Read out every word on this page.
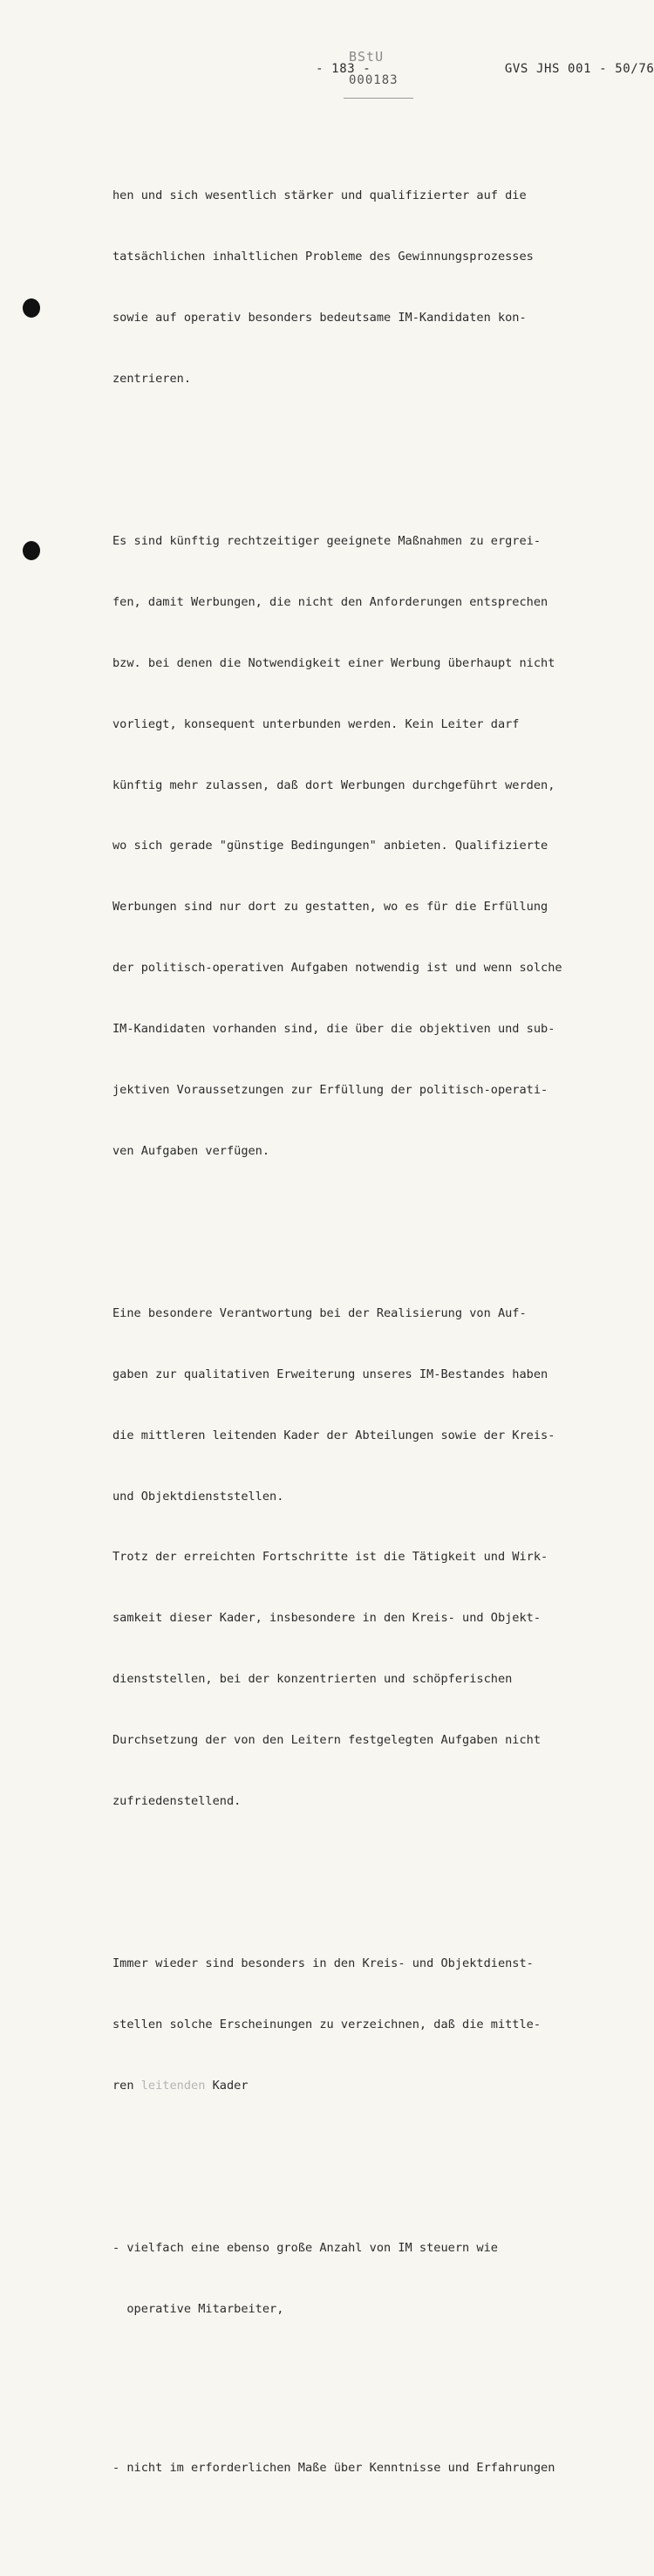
- 183 -	GVS JHS 001 - 50/76

BStU
000183

hen und sich wesentlich stärker und qualifizierter auf die

tatsächlichen inhaltlichen Probleme des Gewinnungsprozesses

sowie auf operativ besonders bedeutsame IM-Kandidaten kon-

zentrieren.

Es sind künftig rechtzeitiger geeignete Maßnahmen zu ergrei-

fen, damit Werbungen, die nicht den Anforderungen entsprechen

bzw. bei denen die Notwendigkeit einer Werbung überhaupt nicht

vorliegt, konsequent unterbunden werden. Kein Leiter darf

künftig mehr zulassen, daß dort Werbungen durchgeführt werden,

wo sich gerade "günstige Bedingungen" anbieten. Qualifizierte

Werbungen sind nur dort zu gestatten, wo es für die Erfüllung

der politisch-operativen Aufgaben notwendig ist und wenn solche

IM-Kandidaten vorhanden sind, die über die objektiven und sub-

jektiven Voraussetzungen zur Erfüllung der politisch-operati-

ven Aufgaben verfügen.

Eine besondere Verantwortung bei der Realisierung von Auf-

gaben zur qualitativen Erweiterung unseres IM-Bestandes haben

die mittleren leitenden Kader der Abteilungen sowie der Kreis-

und Objektdienststellen.

Trotz der erreichten Fortschritte ist die Tätigkeit und Wirk-

samkeit dieser Kader, insbesondere in den Kreis- und Objekt-

dienststellen, bei der konzentrierten und schöpferischen

Durchsetzung der von den Leitern festgelegten Aufgaben nicht

zufriedenstellend.

Immer wieder sind besonders in den Kreis- und Objektdienst-

stellen solche Erscheinungen zu verzeichnen, daß die mittle-

ren leitenden Kader

- vielfach eine ebenso große Anzahl von IM steuern wie

operative Mitarbeiter,

- nicht im erforderlichen Maße über Kenntnisse und Erfahrungen
